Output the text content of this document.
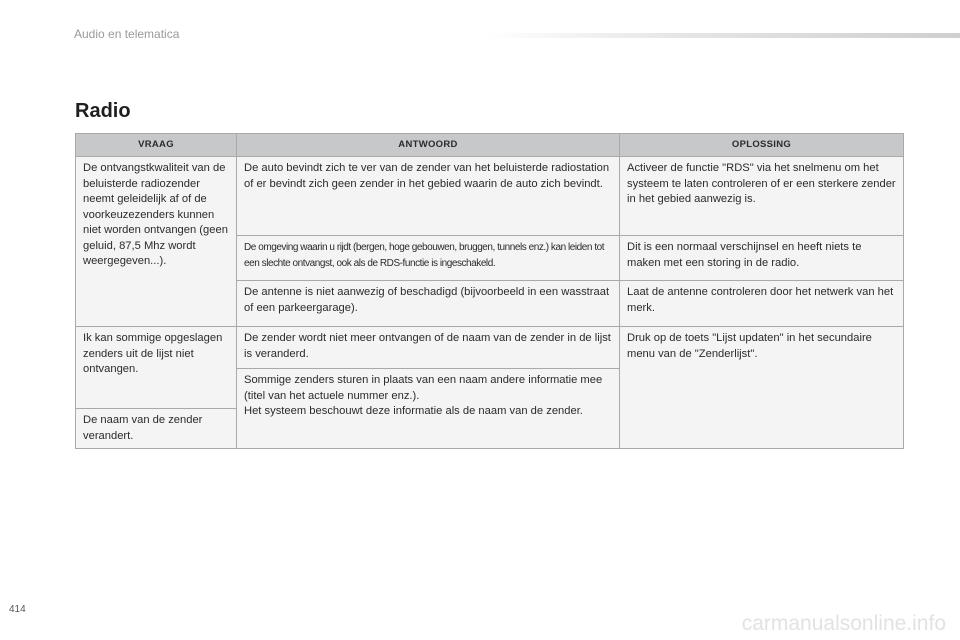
Audio en telematica
Radio
VRAAG	ANTWOORD	OPLOSSING
De ontvangstkwaliteit van de beluisterde radiozender neemt geleidelijk af of de voorkeuzezenders kunnen niet worden ontvangen (geen geluid, 87,5 Mhz wordt weergegeven...).	De auto bevindt zich te ver van de zender van het beluisterde radiostation of er bevindt zich geen zender in het gebied waarin de auto zich bevindt.	Activeer de functie "RDS" via het snelmenu om het systeem te laten controleren of er een sterkere zender in het gebied aanwezig is.
	De omgeving waarin u rijdt (bergen, hoge gebouwen, bruggen, tunnels enz.) kan leiden tot een slechte ontvangst, ook als de RDS-functie is ingeschakeld.	Dit is een normaal verschijnsel en heeft niets te maken met een storing in de radio.
	De antenne is niet aanwezig of beschadigd (bijvoorbeeld in een wasstraat of een parkeergarage).	Laat de antenne controleren door het netwerk van het merk.
Ik kan sommige opgeslagen zenders uit de lijst niet ontvangen.	De zender wordt niet meer ontvangen of de naam van de zender in de lijst is veranderd.	Druk op de toets "Lijst updaten" in het secundaire menu van de "Zenderlijst".
	Sommige zenders sturen in plaats van een naam andere informatie mee (titel van het actuele nummer enz.).
Het systeem beschouwt deze informatie als de naam van de zender.	
De naam van de zender verandert.		
414
carmanualsonline.info
